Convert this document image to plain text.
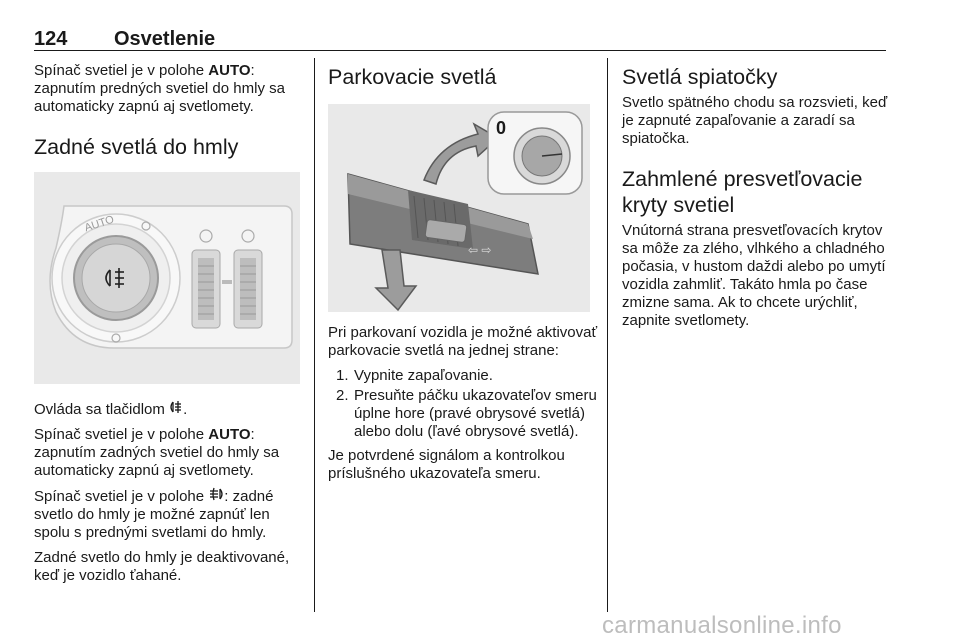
124 Osvetlenie

Spínač svetiel je v polohe AUTO: zapnutím predných svetiel do hmly sa automaticky zapnú aj svetlomety.

Zadné svetlá do hmly
AUTO

Ovláda sa tlačidlom .

Spínač svetiel je v polohe AUTO: zapnutím zadných svetiel do hmly sa automaticky zapnú aj svetlomety.

Spínač svetiel je v polohe : zadné svetlo do hmly je možné zapnúť len spolu s prednými svetlami do hmly.

Zadné svetlo do hmly je deaktivované, keď je vozidlo ťahané.

Parkovacie svetlá
⇦ ⇨
0

Pri parkovaní vozidla je možné aktivovať parkovacie svetlá na jednej strane:

1. Vypnite zapaľovanie.
2. Presuňte páčku ukazovateľov smeru úplne hore (pravé obrysové svetlá) alebo dolu (ľavé obrysové svetlá).

Je potvrdené signálom a kontrolkou príslušného ukazovateľa smeru.

Svetlá spiatočky

Svetlo spätného chodu sa rozsvieti, keď je zapnuté zapaľovanie a zaradí sa spiatočka.

Zahmlené presvetľovacie kryty svetiel

Vnútorná strana presvetľovacích krytov sa môže za zlého, vlhkého a chladného počasia, v hustom daždi alebo po umytí vozidla zahmliť. Takáto hmla po čase zmizne sama. Ak to chcete urýchliť, zapnite svetlomety.

carmanualsonline.info
